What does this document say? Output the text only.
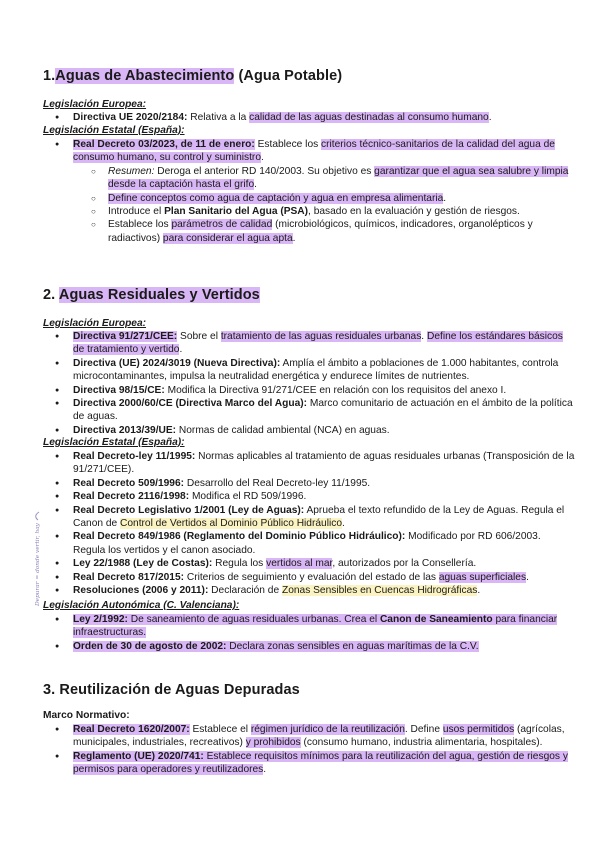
1.Aguas de Abastecimiento (Agua Potable)

Legislación Europea:

● Directiva UE 2020/2184: Relativa a la calidad de las aguas destinadas al consumo humano.

Legislación Estatal (España):

● Real Decreto 03/2023, de 11 de enero: Establece los criterios técnico-sanitarios de la calidad del agua de consumo humano, su control y suministro.
○ Resumen: Deroga el anterior RD 140/2003. Su objetivo es garantizar que el agua sea salubre y limpia desde la captación hasta el grifo.
○ Define conceptos como agua de captación y agua en empresa alimentaria.
○ Introduce el Plan Sanitario del Agua (PSA), basado en la evaluación y gestión de riesgos.
○ Establece los parámetros de calidad (microbiológicos, químicos, indicadores, organolépticos y radiactivos) para considerar el agua apta.
2. Aguas Residuales y Vertidos

Legislación Europea:

● Directiva 91/271/CEE: Sobre el tratamiento de las aguas residuales urbanas. Define los estándares básicos de tratamiento y vertido.
● Directiva (UE) 2024/3019 (Nueva Directiva): Amplía el ámbito a poblaciones de 1.000 habitantes, controla microcontaminantes, impulsa la neutralidad energética y endurece límites de nutrientes.
● Directiva 98/15/CE: Modifica la Directiva 91/271/CEE en relación con los requisitos del anexo I.
● Directiva 2000/60/CE (Directiva Marco del Agua): Marco comunitario de actuación en el ámbito de la política de aguas.
● Directiva 2013/39/UE: Normas de calidad ambiental (NCA) en aguas.

Legislación Estatal (España):

● Real Decreto-ley 11/1995: Normas aplicables al tratamiento de aguas residuales urbanas (Transposición de la 91/271/CEE).
● Real Decreto 509/1996: Desarrollo del Real Decreto-ley 11/1995.
● Real Decreto 2116/1998: Modifica el RD 509/1996.
● Real Decreto Legislativo 1/2001 (Ley de Aguas): Aprueba el texto refundido de la Ley de Aguas. Regula el Canon de Control de Vertidos al Dominio Público Hidráulico.
● Real Decreto 849/1986 (Reglamento del Dominio Público Hidráulico): Modificado por RD 606/2003. Regula los vertidos y el canon asociado.
● Ley 22/1988 (Ley de Costas): Regula los vertidos al mar, autorizados por la Consellería.
● Real Decreto 817/2015: Criterios de seguimiento y evaluación del estado de las aguas superficiales.
● Resoluciones (2006 y 2011): Declaración de Zonas Sensibles en Cuencas Hidrográficas.
Depurar = donde vertir, hay Legislación Autonómica (C. Valenciana):

● Ley 2/1992: De saneamiento de aguas residuales urbanas. Crea el Canon de Saneamiento para financiar infraestructuras.
● Orden de 30 de agosto de 2002: Declara zonas sensibles en aguas marítimas de la C.V.
3. Reutilización de Aguas Depuradas

Marco Normativo:

● Real Decreto 1620/2007: Establece el régimen jurídico de la reutilización. Define usos permitidos (agrícolas, municipales, industriales, recreativos) y prohibidos (consumo humano, industria alimentaria, hospitales).
● Reglamento (UE) 2020/741: Establece requisitos mínimos para la reutilización del agua, gestión de riesgos y permisos para operadores y reutilizadores.
